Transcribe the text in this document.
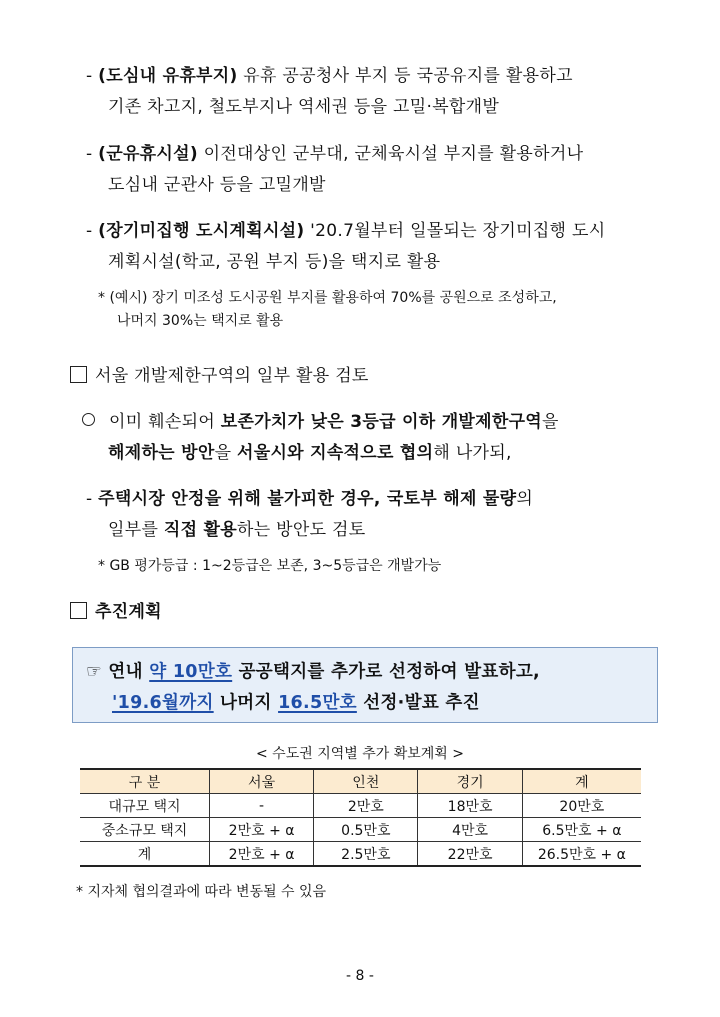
- (도심내 유휴부지) 유휴 공공청사 부지 등 국공유지를 활용하고
기존 차고지, 철도부지나 역세권 등을 고밀·복합개발
- (군유휴시설) 이전대상인 군부대, 군체육시설 부지를 활용하거나
도심내 군관사 등을 고밀개발
- (장기미집행 도시계획시설) '20.7월부터 일몰되는 장기미집행 도시
계획시설(학교, 공원 부지 등)을 택지로 활용
* (예시) 장기 미조성 도시공원 부지를 활용하여 70%를 공원으로 조성하고,
나머지 30%는 택지로 활용
서울 개발제한구역의 일부 활용 검토
이미 훼손되어 보존가치가 낮은 3등급 이하 개발제한구역을
해제하는 방안을 서울시와 지속적으로 협의해 나가되,
- 주택시장 안정을 위해 불가피한 경우, 국토부 해제 물량의
일부를 직접 활용하는 방안도 검토
* GB 평가등급 : 1~2등급은 보존, 3~5등급은 개발가능
추진계획
☞ 연내 약 10만호 공공택지를 추가로 선정하여 발표하고,
'19.6월까지 나머지 16.5만호 선정·발표 추진
< 수도권 지역별 추가 확보계획 >
구 분	서울	인천	경기	계
대규모 택지	-	2만호	18만호	20만호
중소규모 택지	2만호 + α	0.5만호	4만호	6.5만호 + α
계	2만호 + α	2.5만호	22만호	26.5만호 + α
* 지자체 협의결과에 따라 변동될 수 있음
- 8 -
